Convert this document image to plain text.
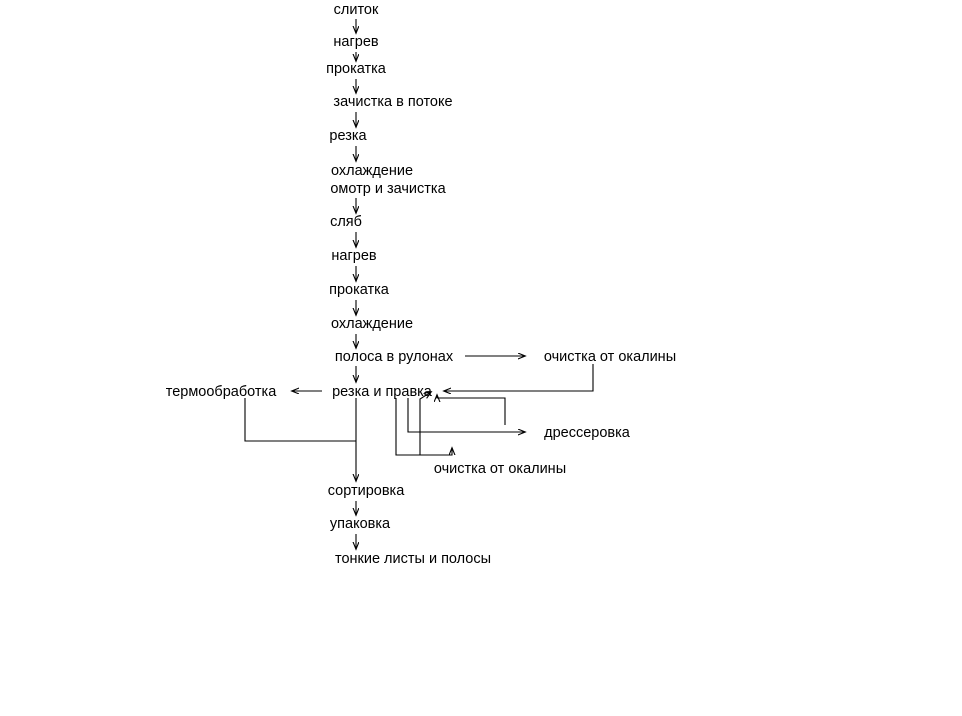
слиток
нагрев
прокатка
зачистка в потоке
резка
охлаждение
омотр и зачистка
сляб
нагрев
прокатка
охлаждение
полоса в рулонах	очистка от окалины
термообработка	резка и правка
дрессеровка
очистка от окалины
сортировка
упаковка
тонкие листы и полосы
